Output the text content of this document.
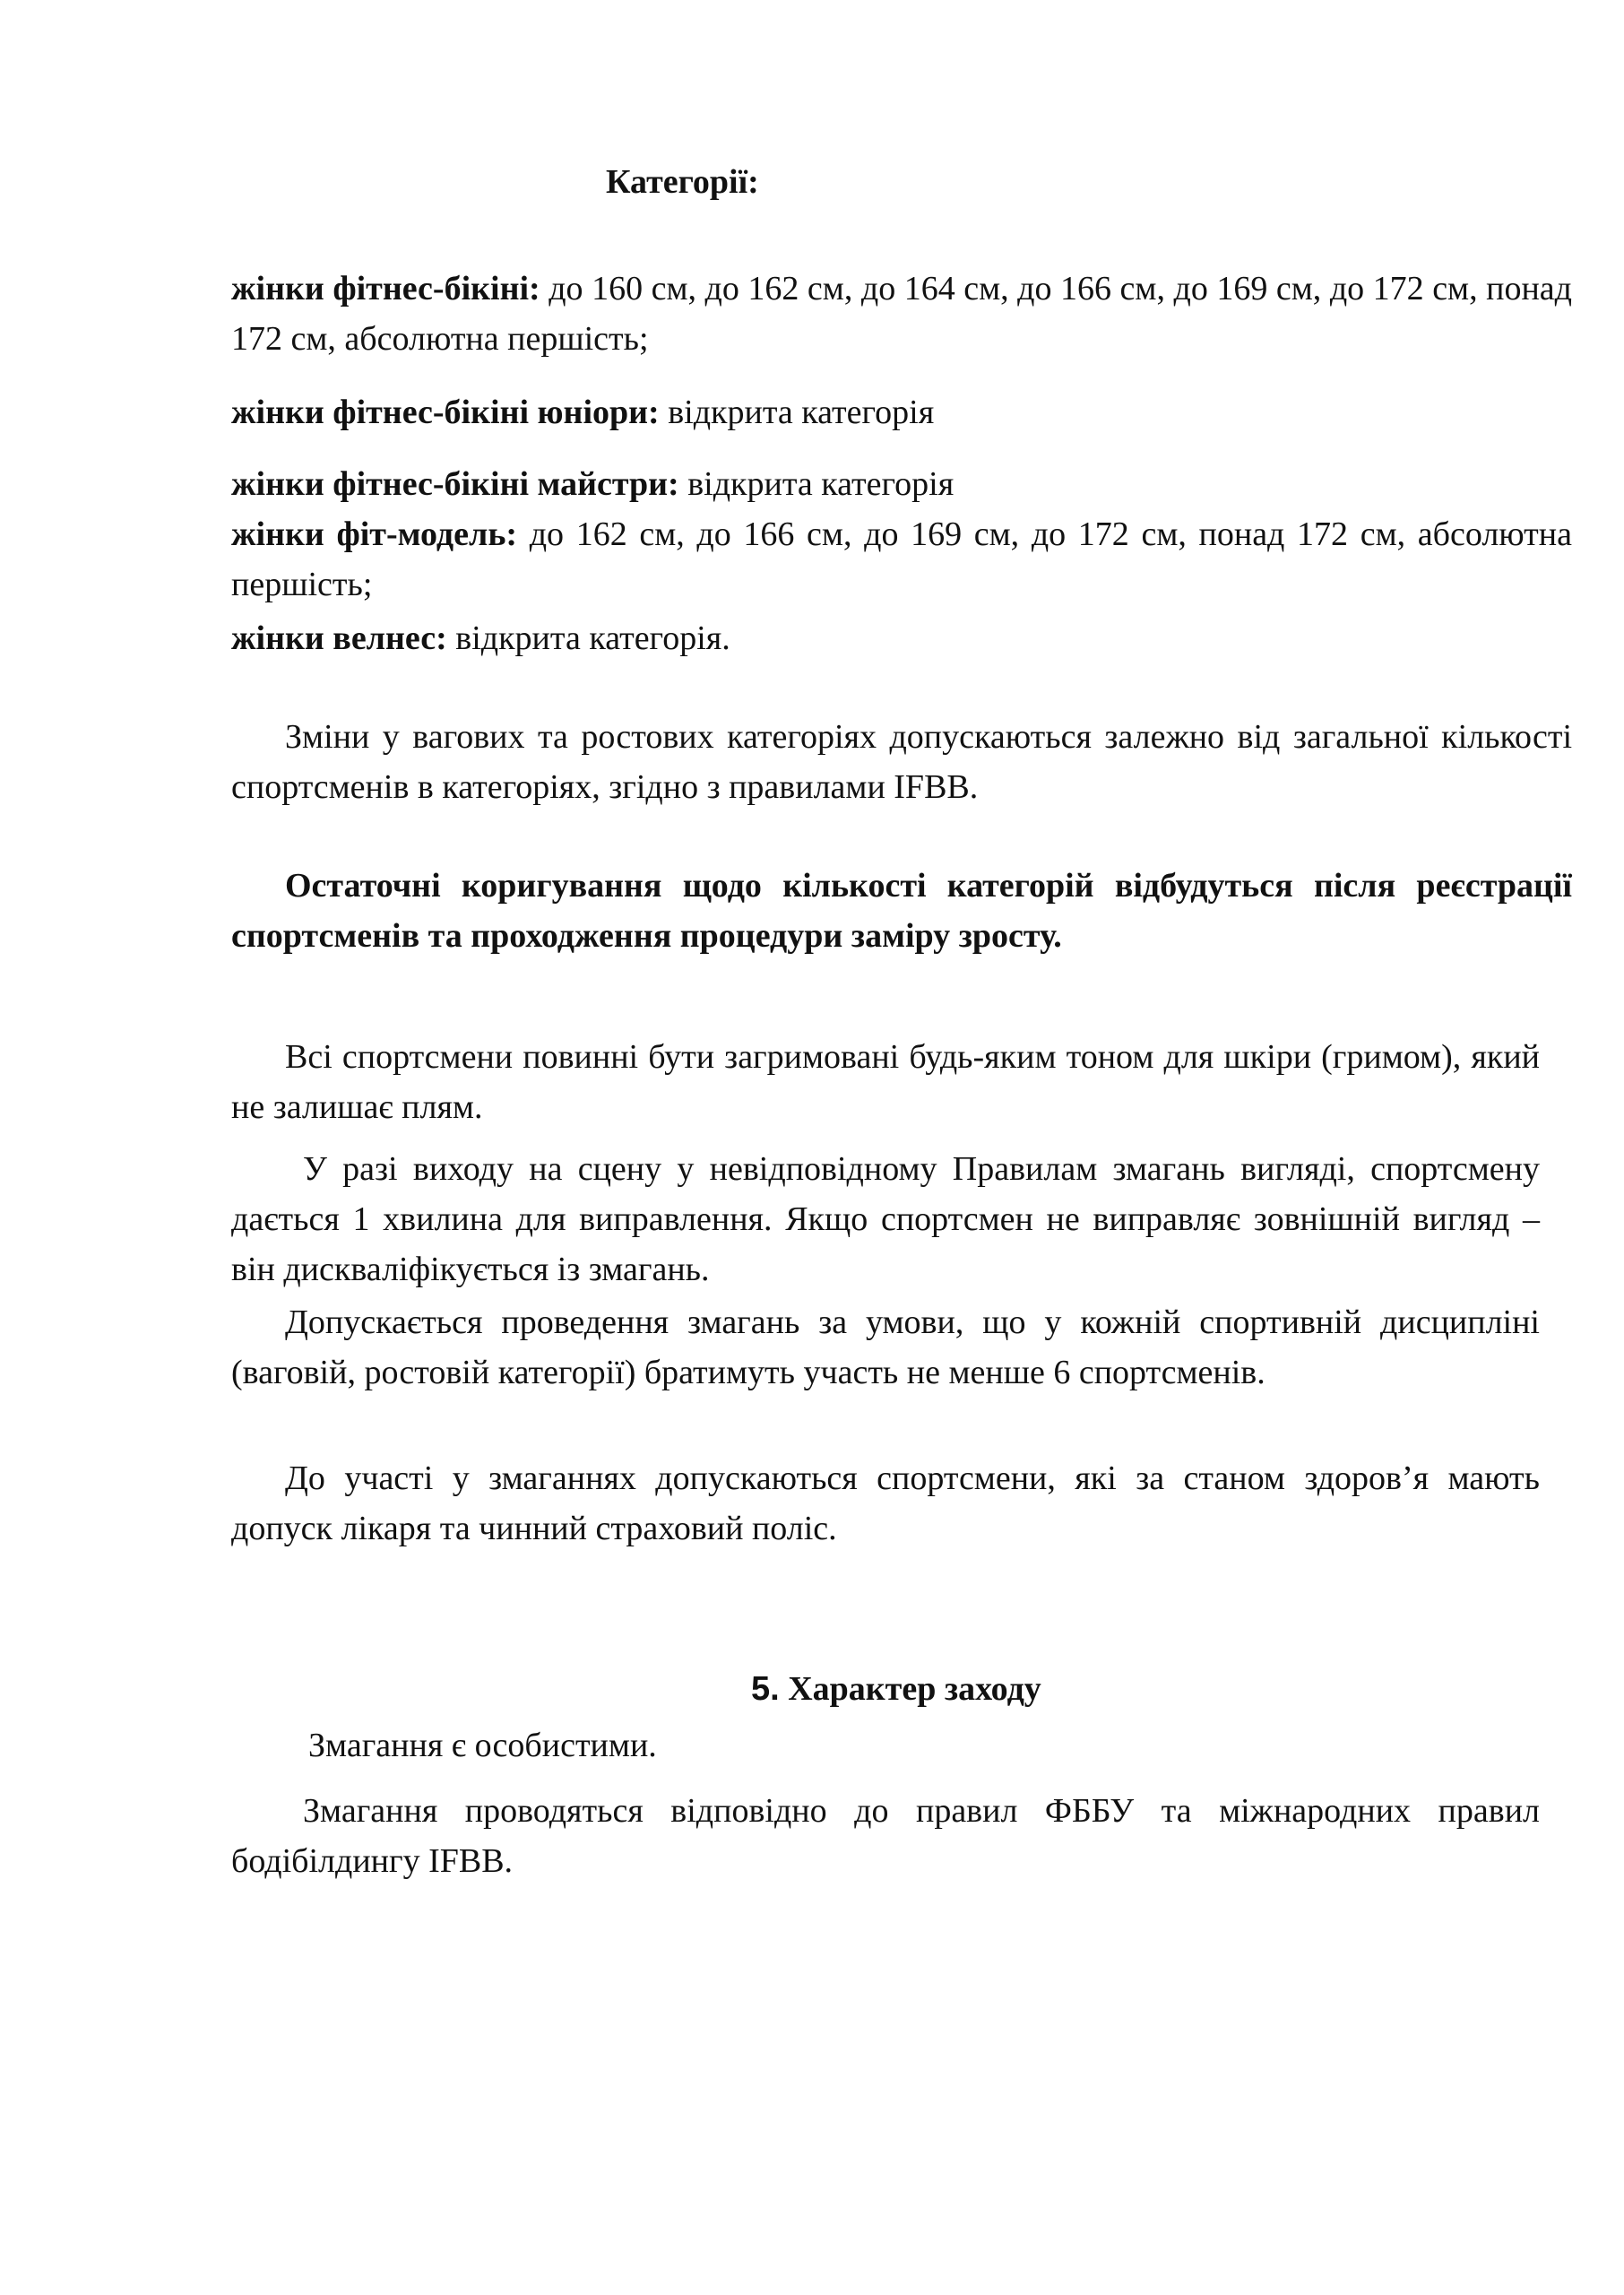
Категорії:

жінки фітнес-бікіні: до 160 см, до 162 см, до 164 см, до 166 см, до 169 см, до 172 см, понад 172 см, абсолютна першість;

жінки фітнес-бікіні юніори: відкрита категорія

жінки фітнес-бікіні майстри: відкрита категорія

жінки фіт-модель: до 162 см, до 166 см, до 169 см, до 172 см, понад 172 см, абсолютна першість;

жінки велнес: відкрита категорія.

Зміни у вагових та ростових категоріях допускаються залежно від загальної кількості спортсменів в категоріях, згідно з правилами IFBB.

Остаточні коригування щодо кількості категорій відбудуться після реєстрації спортсменів та проходження процедури заміру зросту.

Всі спортсмени повинні бути загримовані будь-яким тоном для шкіри (гримом), який не залишає плям.

У разі виходу на сцену у невідповідному Правилам змагань вигляді, спортсмену дається 1 хвилина для виправлення. Якщо спортсмен не виправляє зовнішній вигляд – він дискваліфікується із змагань.

Допускається проведення змагань за умови, що у кожній спортивній дисципліні (ваговій, ростовій категорії) братимуть участь не менше 6 спортсменів.

До участі у змаганнях допускаються спортсмени, які за станом здоров’я мають допуск лікаря та чинний страховий поліс.

5. Характер заходу

Змагання є особистими.

Змагання проводяться відповідно до правил ФББУ та міжнародних правил бодібілдингу IFBB.
